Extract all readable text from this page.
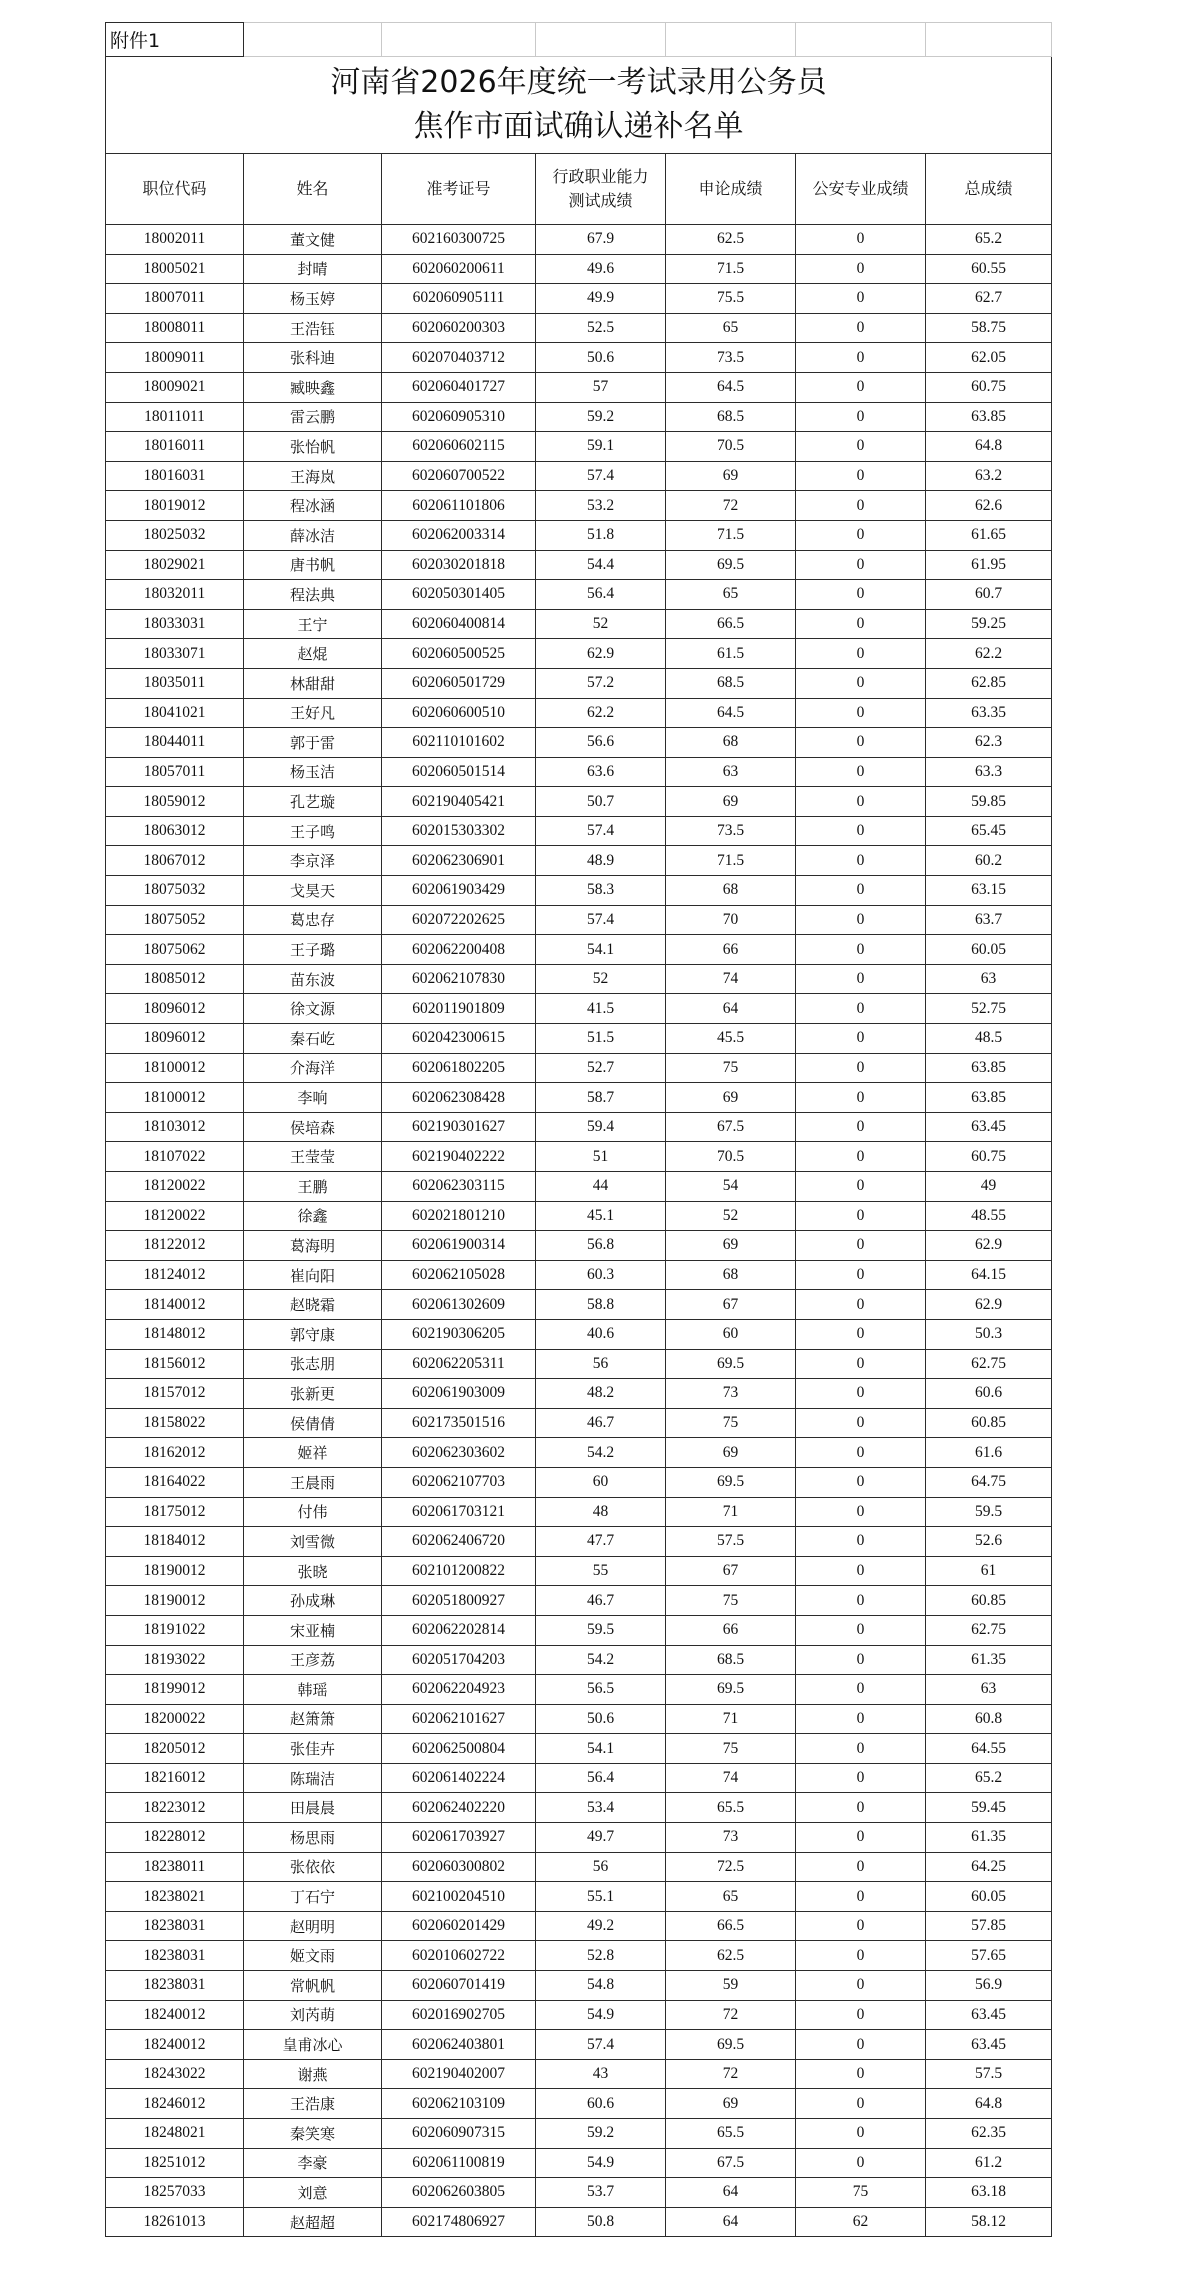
附件1						

河南省2026年度统一考试录用公务员
焦作市面试确认递补名单						

职位代码	姓名	准考证号	行政职业能力测试成绩	申论成绩	公安专业成绩	总成绩
18002011	董文健	602160300725	67.9	62.5	0	65.2
18005021	封晴	602060200611	49.6	71.5	0	60.55
18007011	杨玉婷	602060905111	49.9	75.5	0	62.7
18008011	王浩钰	602060200303	52.5	65	0	58.75
18009011	张科迪	602070403712	50.6	73.5	0	62.05
18009021	臧映鑫	602060401727	57	64.5	0	60.75
18011011	雷云鹏	602060905310	59.2	68.5	0	63.85
18016011	张怡帆	602060602115	59.1	70.5	0	64.8
18016031	王海岚	602060700522	57.4	69	0	63.2
18019012	程冰涵	602061101806	53.2	72	0	62.6
18025032	薛冰洁	602062003314	51.8	71.5	0	61.65
18029021	唐书帆	602030201818	54.4	69.5	0	61.95
18032011	程法典	602050301405	56.4	65	0	60.7
18033031	王宁	602060400814	52	66.5	0	59.25
18033071	赵焜	602060500525	62.9	61.5	0	62.2
18035011	林甜甜	602060501729	57.2	68.5	0	62.85
18041021	王好凡	602060600510	62.2	64.5	0	63.35
18044011	郭于雷	602110101602	56.6	68	0	62.3
18057011	杨玉洁	602060501514	63.6	63	0	63.3
18059012	孔艺璇	602190405421	50.7	69	0	59.85
18063012	王子鸣	602015303302	57.4	73.5	0	65.45
18067012	李京泽	602062306901	48.9	71.5	0	60.2
18075032	戈昊天	602061903429	58.3	68	0	63.15
18075052	葛忠存	602072202625	57.4	70	0	63.7
18075062	王子璐	602062200408	54.1	66	0	60.05
18085012	苗东波	602062107830	52	74	0	63
18096012	徐文源	602011901809	41.5	64	0	52.75
18096012	秦石屹	602042300615	51.5	45.5	0	48.5
18100012	介海洋	602061802205	52.7	75	0	63.85
18100012	李响	602062308428	58.7	69	0	63.85
18103012	侯培森	602190301627	59.4	67.5	0	63.45
18107022	王莹莹	602190402222	51	70.5	0	60.75
18120022	王鹏	602062303115	44	54	0	49
18120022	徐鑫	602021801210	45.1	52	0	48.55
18122012	葛海明	602061900314	56.8	69	0	62.9
18124012	崔向阳	602062105028	60.3	68	0	64.15
18140012	赵晓霜	602061302609	58.8	67	0	62.9
18148012	郭守康	602190306205	40.6	60	0	50.3
18156012	张志朋	602062205311	56	69.5	0	62.75
18157012	张新更	602061903009	48.2	73	0	60.6
18158022	侯倩倩	602173501516	46.7	75	0	60.85
18162012	姬祥	602062303602	54.2	69	0	61.6
18164022	王晨雨	602062107703	60	69.5	0	64.75
18175012	付伟	602061703121	48	71	0	59.5
18184012	刘雪微	602062406720	47.7	57.5	0	52.6
18190012	张晓	602101200822	55	67	0	61
18190012	孙成琳	602051800927	46.7	75	0	60.85
18191022	宋亚楠	602062202814	59.5	66	0	62.75
18193022	王彦荔	602051704203	54.2	68.5	0	61.35
18199012	韩瑶	602062204923	56.5	69.5	0	63
18200022	赵箫箫	602062101627	50.6	71	0	60.8
18205012	张佳卉	602062500804	54.1	75	0	64.55
18216012	陈瑞洁	602061402224	56.4	74	0	65.2
18223012	田晨晨	602062402220	53.4	65.5	0	59.45
18228012	杨思雨	602061703927	49.7	73	0	61.35
18238011	张依依	602060300802	56	72.5	0	64.25
18238021	丁石宁	602100204510	55.1	65	0	60.05
18238031	赵明明	602060201429	49.2	66.5	0	57.85
18238031	姬文雨	602010602722	52.8	62.5	0	57.65
18238031	常帆帆	602060701419	54.8	59	0	56.9
18240012	刘芮萌	602016902705	54.9	72	0	63.45
18240012	皇甫冰心	602062403801	57.4	69.5	0	63.45
18243022	谢燕	602190402007	43	72	0	57.5
18246012	王浩康	602062103109	60.6	69	0	64.8
18248021	秦笑寒	602060907315	59.2	65.5	0	62.35
18251012	李豪	602061100819	54.9	67.5	0	61.2
18257033	刘意	602062603805	53.7	64	75	63.18
18261013	赵超超	602174806927	50.8	64	62	58.12
